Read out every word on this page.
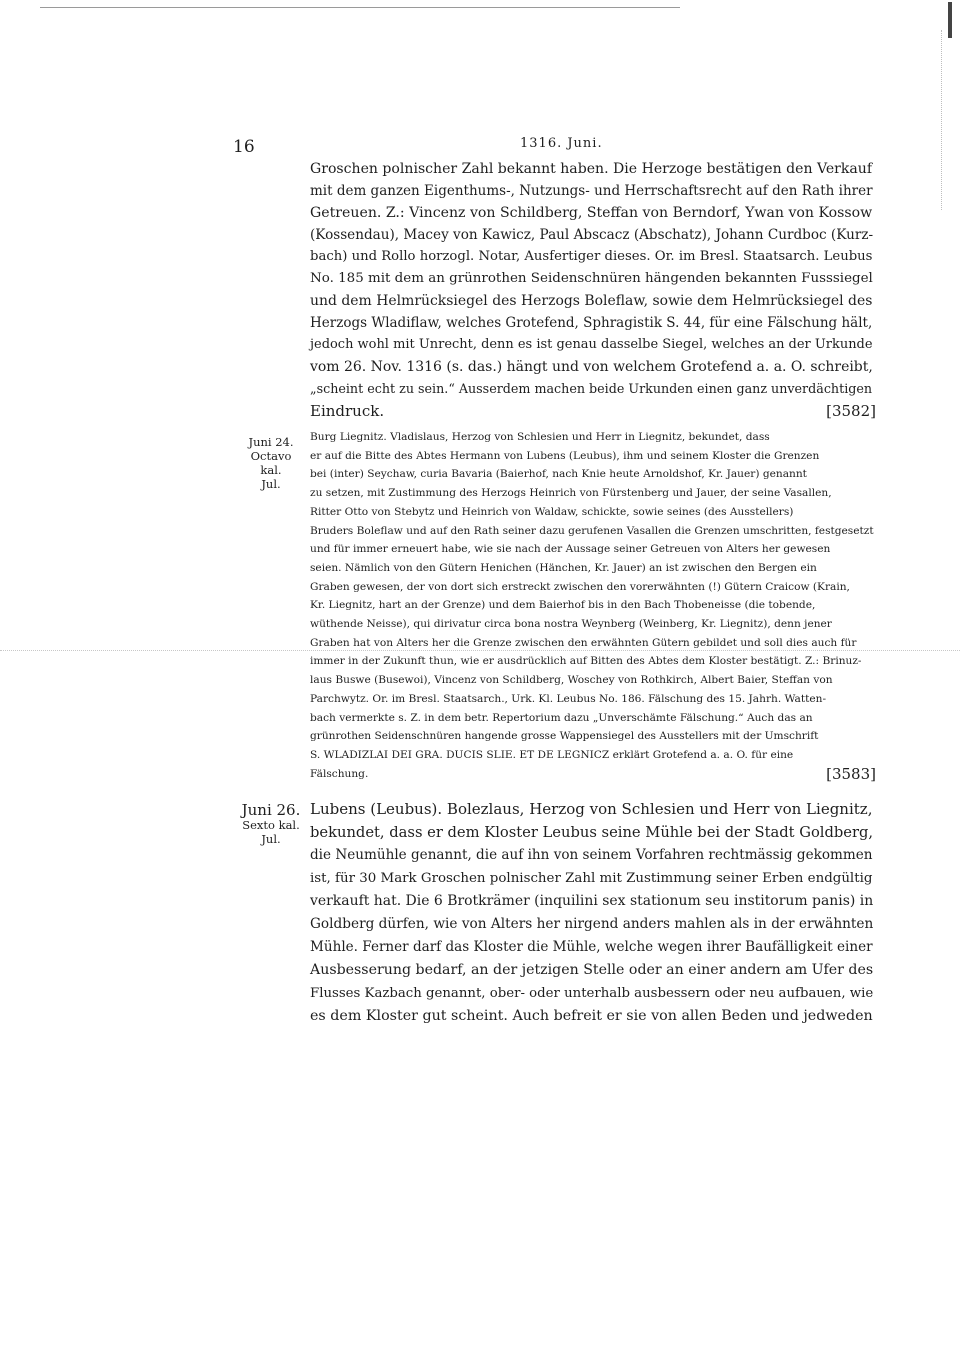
16	1316. Juni.
Groschen polnischer Zahl bekannt haben. Die Herzoge bestätigen den Verkauf
mit dem ganzen Eigenthums-, Nutzungs- und Herrschaftsrecht auf den Rath ihrer
Getreuen. Z.: Vincenz von Schildberg, Steffan von Berndorf, Ywan von Kossow
(Kossendau), Macey von Kawicz, Paul Abscacz (Abschatz), Johann Curdboc (Kurz-
bach) und Rollo horzogl. Notar, Ausfertiger dieses. Or. im Bresl. Staatsarch. Leubus
No. 185 mit dem an grünrothen Seidenschnüren hängenden bekannten Fusssiegel
und dem Helmrücksiegel des Herzogs Boleflaw, sowie dem Helmrücksiegel des
Herzogs Wladiflaw, welches Grotefend, Sphragistik S. 44, für eine Fälschung hält,
jedoch wohl mit Unrecht, denn es ist genau dasselbe Siegel, welches an der Urkunde
vom 26. Nov. 1316 (s. das.) hängt und von welchem Grotefend a. a. O. schreibt,
„scheint echt zu sein.“ Ausserdem machen beide Urkunden einen ganz unverdächtigen
Eindruck.	[3582]
Juni 24.
Octavo kal.
Jul.
Burg Liegnitz. Vladislaus, Herzog von Schlesien und Herr in Liegnitz, bekundet, dass
er auf die Bitte des Abtes Hermann von Lubens (Leubus), ihm und seinem Kloster die Grenzen
bei (inter) Seychaw, curia Bavaria (Baierhof, nach Knie heute Arnoldshof, Kr. Jauer) genannt
zu setzen, mit Zustimmung des Herzogs Heinrich von Fürstenberg und Jauer, der seine Vasallen,
Ritter Otto von Stebytz und Heinrich von Waldaw, schickte, sowie seines (des Ausstellers)
Bruders Boleflaw und auf den Rath seiner dazu gerufenen Vasallen die Grenzen umschritten, festgesetzt
und für immer erneuert habe, wie sie nach der Aussage seiner Getreuen von Alters her gewesen
seien. Nämlich von den Gütern Henichen (Hänchen, Kr. Jauer) an ist zwischen den Bergen ein
Graben gewesen, der von dort sich erstreckt zwischen den vorerwähnten (!) Gütern Craicow (Krain,
Kr. Liegnitz, hart an der Grenze) und dem Baierhof bis in den Bach Thobeneisse (die tobende,
wüthende Neisse), qui dirivatur circa bona nostra Weynberg (Weinberg, Kr. Liegnitz), denn jener
Graben hat von Alters her die Grenze zwischen den erwähnten Gütern gebildet und soll dies auch für
immer in der Zukunft thun, wie er ausdrücklich auf Bitten des Abtes dem Kloster bestätigt. Z.: Brinuz-
laus Buswe (Busewoi), Vincenz von Schildberg, Woschey von Rothkirch, Albert Baier, Steffan von
Parchwytz. Or. im Bresl. Staatsarch., Urk. Kl. Leubus No. 186. Fälschung des 15. Jahrh. Watten-
bach vermerkte s. Z. in dem betr. Repertorium dazu „Unverschämte Fälschung.“ Auch das an
grünrothen Seidenschnüren hangende grosse Wappensiegel des Ausstellers mit der Umschrift
S. WLADIZLAI DEI GRA. DUCIS SLIE. ET DE LEGNICZ erklärt Grotefend a. a. O. für eine
Fälschung.	[3583]
Juni 26.
Sexto kal.
Jul.
Lubens (Leubus). Bolezlaus, Herzog von Schlesien und Herr von Liegnitz,
bekundet, dass er dem Kloster Leubus seine Mühle bei der Stadt Goldberg,
die Neumühle genannt, die auf ihn von seinem Vorfahren rechtmässig gekommen
ist, für 30 Mark Groschen polnischer Zahl mit Zustimmung seiner Erben endgültig
verkauft hat. Die 6 Brotkrämer (inquilini sex stationum seu institorum panis) in
Goldberg dürfen, wie von Alters her nirgend anders mahlen als in der erwähnten
Mühle. Ferner darf das Kloster die Mühle, welche wegen ihrer Baufälligkeit einer
Ausbesserung bedarf, an der jetzigen Stelle oder an einer andern am Ufer des
Flusses Kazbach genannt, ober- oder unterhalb ausbessern oder neu aufbauen, wie
es dem Kloster gut scheint. Auch befreit er sie von allen Beden und jedweden
